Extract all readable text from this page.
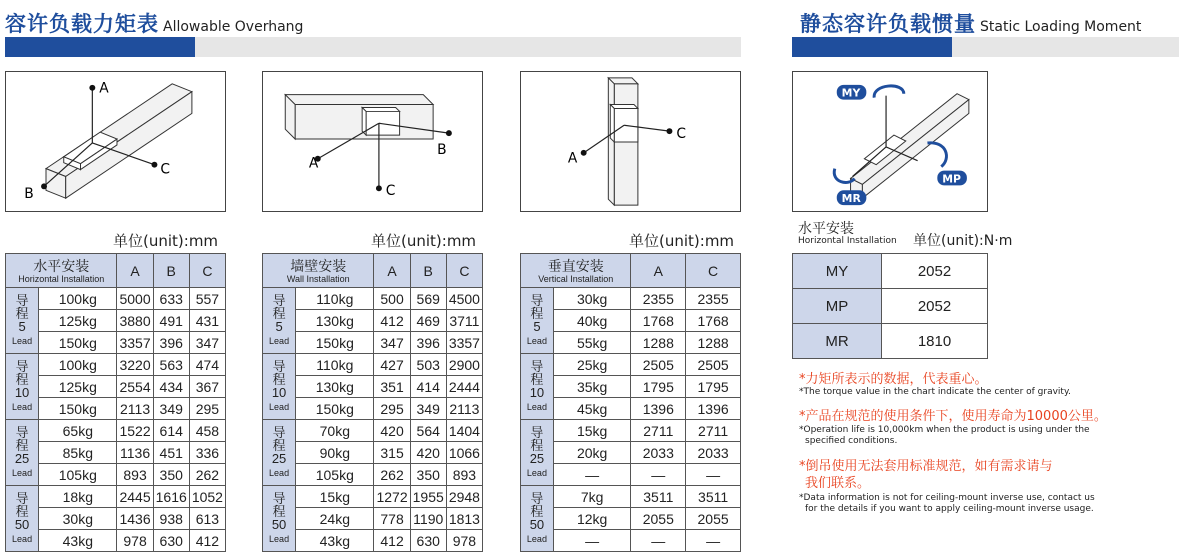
容许负载力矩表 Allowable Overhang	静态容许负载惯量 Static Loading Moment
A
C
B
A
B
C
A
C
MY
MP
MR
单位(unit):mm	单位(unit):mm	单位(unit):mm
水平安装
Horizontal Installation		A	B	C

导
程
5
Lead	100kg	5000	633	557
	125kg	3880	491	431
	150kg	3357	396	347

导
程
10
Lead	100kg	3220	563	474
	125kg	2554	434	367
	150kg	2113	349	295

导
程
25
Lead	65kg	1522	614	458
	85kg	1136	451	336
	105kg	893	350	262

导
程
50
Lead	18kg	2445	1616	1052
	30kg	1436	938	613
	43kg	978	630	412
墙壁安装
Wall Installation		A	B	C

导
程
5
Lead	110kg	500	569	4500
	130kg	412	469	3711
	150kg	347	396	3357

导
程
10
Lead	110kg	427	503	2900
	130kg	351	414	2444
	150kg	295	349	2113

导
程
25
Lead	70kg	420	564	1404
	90kg	315	420	1066
	105kg	262	350	893

导
程
50
Lead	15kg	1272	1955	2948
	24kg	778	1190	1813
	43kg	412	630	978
垂直安装
Vertical Installation		A	C

导
程
5
Lead	30kg	2355	2355
	40kg	1768	1768
	55kg	1288	1288

导
程
10
Lead	25kg	2505	2505
	35kg	1795	1795
	45kg	1396	1396

导
程
25
Lead	15kg	2711	2711
	20kg	2033	2033
	—	—	—

导
程
50
Lead	7kg	3511	3511
	12kg	2055	2055
	—	—	—
水平安装
Horizontal Installation 单位(unit):N·m
MY	2052
MP	2052
MR	1810
*力矩所表示的数据，代表重心。
*The torque value in the chart indicate the center of gravity.
*产品在规范的使用条件下，使用寿命为10000公里。
*Operation life is 10,000km when the product is using under the
specified conditions.
*倒吊使用无法套用标准规范，如有需求请与
我们联系。
*Data information is not for ceiling-mount inverse use, contact us
for the details if you want to apply ceiling-mount inverse usage.
